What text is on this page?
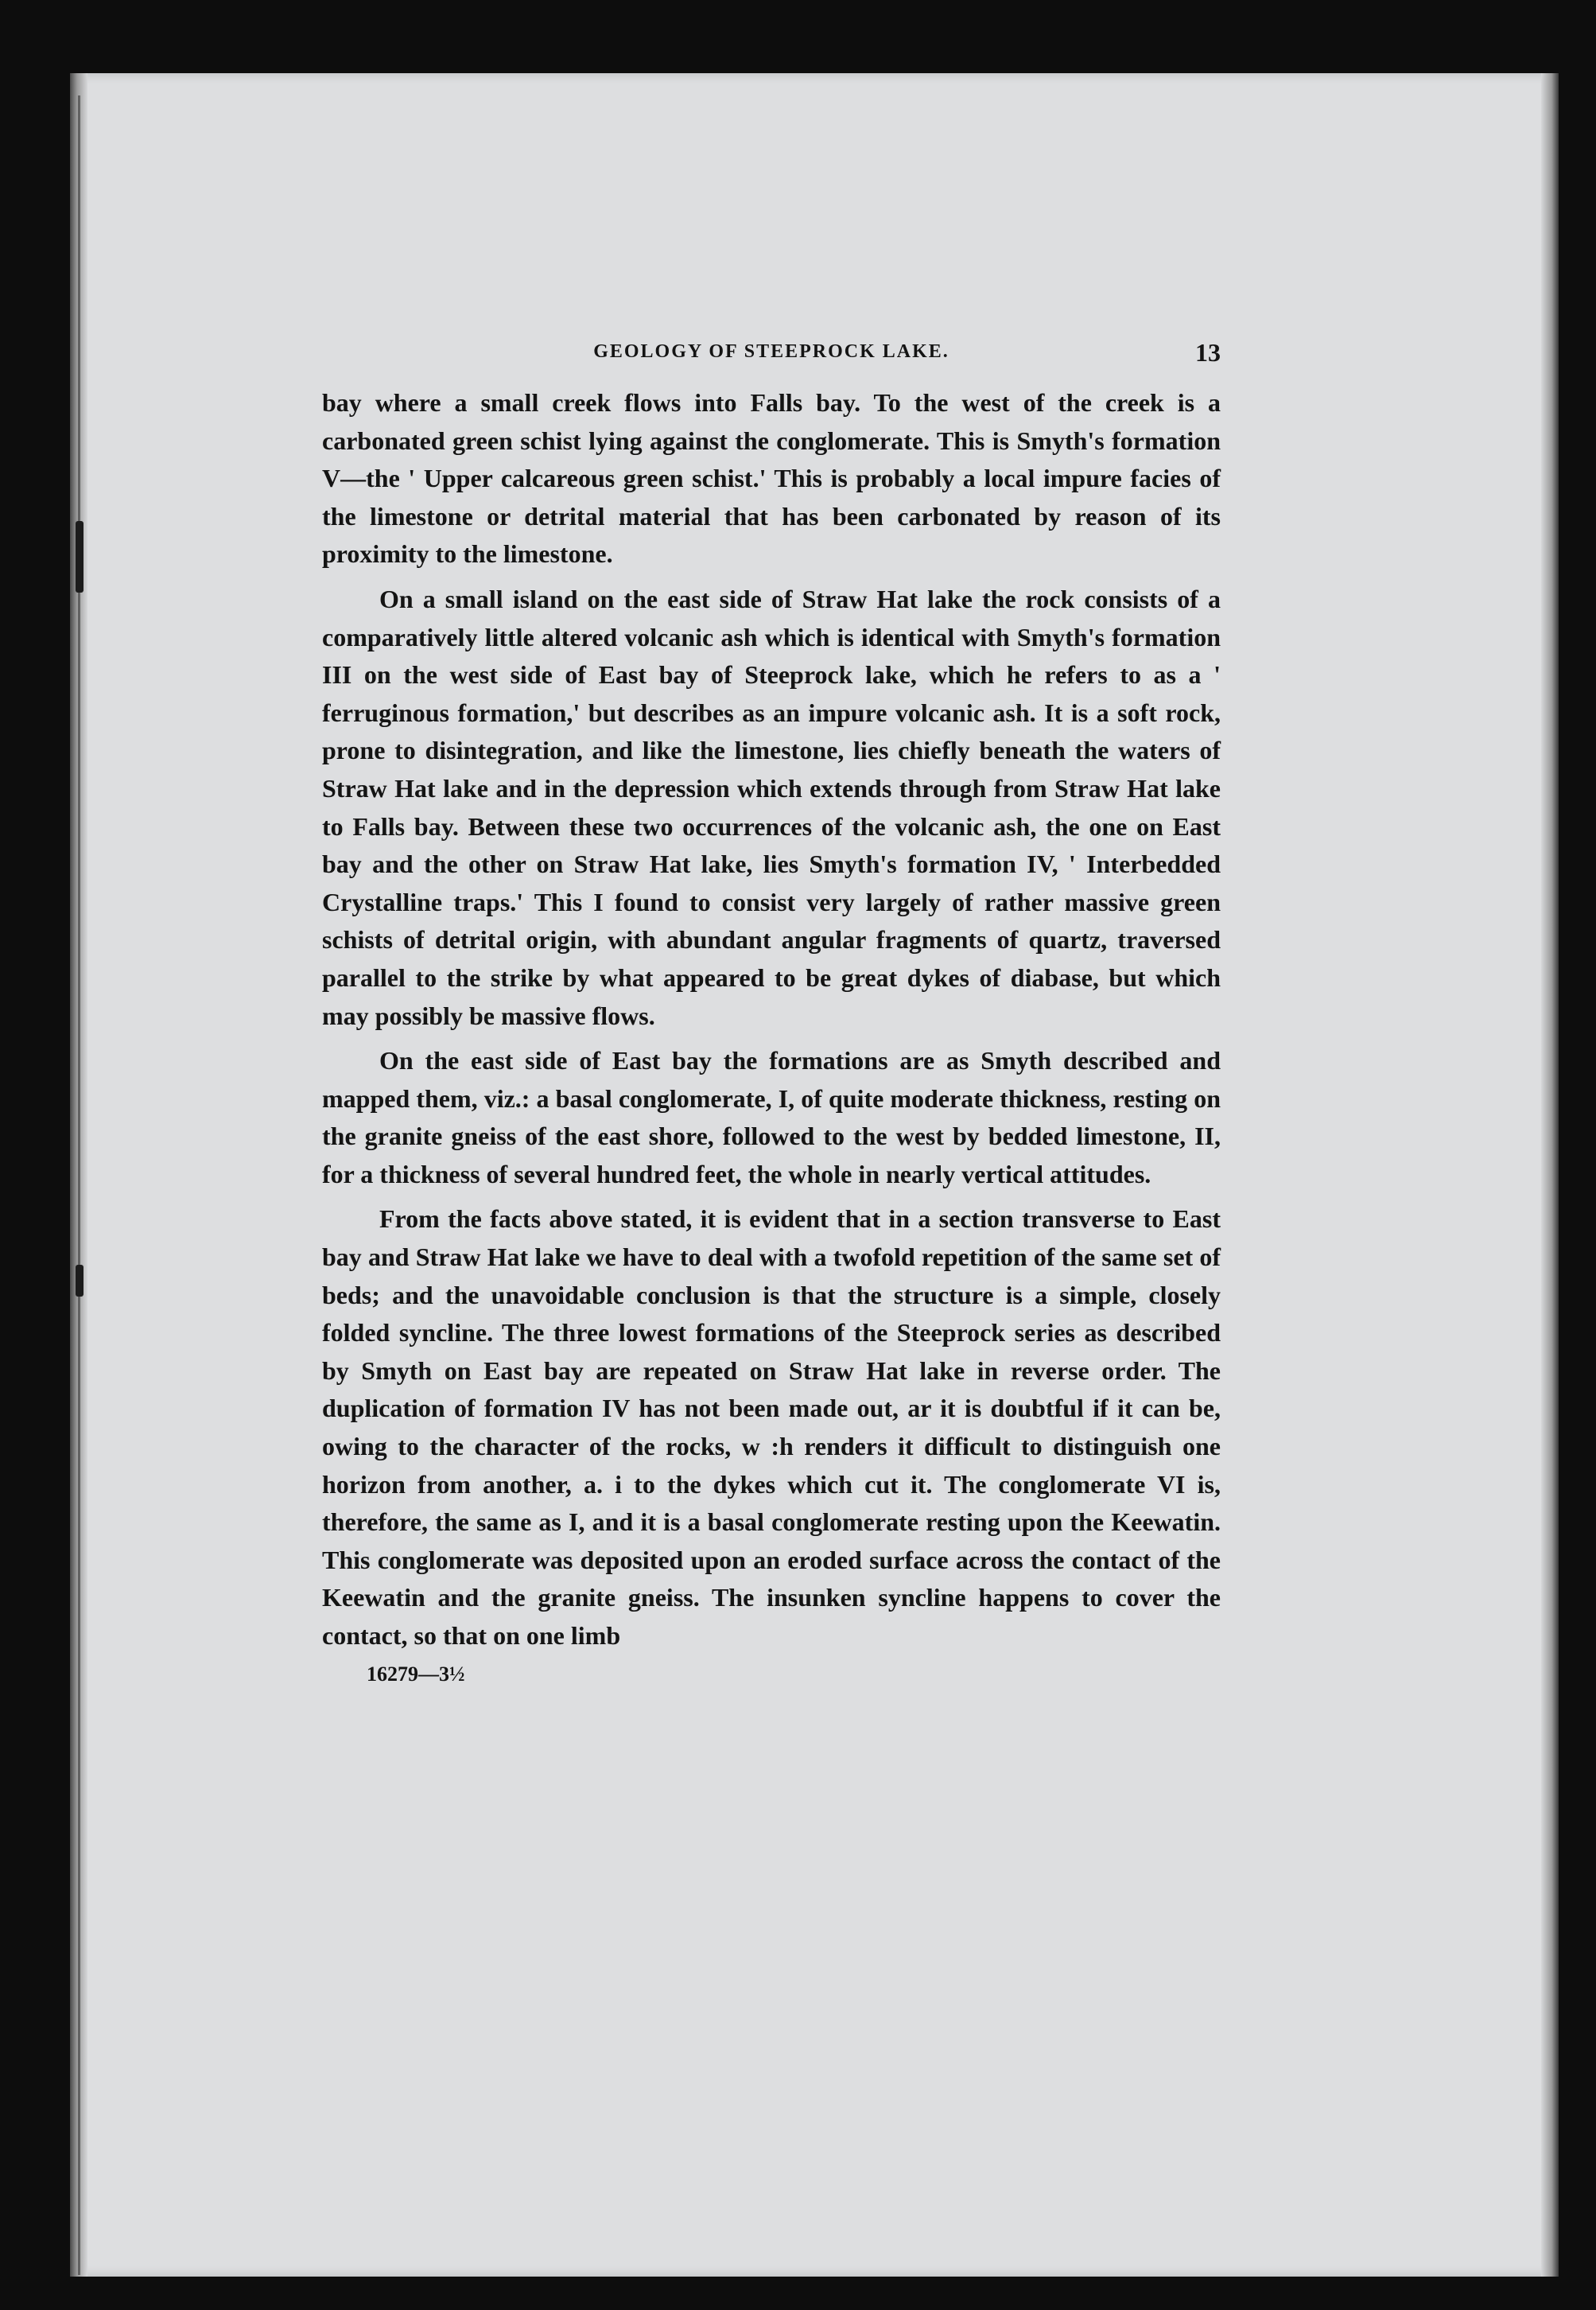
GEOLOGY OF STEEPROCK LAKE.	13

bay where a small creek flows into Falls bay. To the west of the creek is a carbonated green schist lying against the conglomerate. This is Smyth's formation V—the ' Upper calcareous green schist.' This is probably a local impure facies of the limestone or detrital material that has been carbonated by reason of its proximity to the limestone.

On a small island on the east side of Straw Hat lake the rock consists of a comparatively little altered volcanic ash which is identical with Smyth's formation III on the west side of East bay of Steeprock lake, which he refers to as a ' ferruginous formation,' but describes as an impure volcanic ash. It is a soft rock, prone to disintegration, and like the limestone, lies chiefly beneath the waters of Straw Hat lake and in the depression which extends through from Straw Hat lake to Falls bay. Between these two occurrences of the volcanic ash, the one on East bay and the other on Straw Hat lake, lies Smyth's formation IV, ' Interbedded Crystalline traps.' This I found to consist very largely of rather massive green schists of detrital origin, with abundant angular fragments of quartz, traversed parallel to the strike by what appeared to be great dykes of diabase, but which may possibly be massive flows.

On the east side of East bay the formations are as Smyth described and mapped them, viz.: a basal conglomerate, I, of quite moderate thickness, resting on the granite gneiss of the east shore, followed to the west by bedded limestone, II, for a thickness of several hundred feet, the whole in nearly vertical attitudes.

From the facts above stated, it is evident that in a section transverse to East bay and Straw Hat lake we have to deal with a twofold repetition of the same set of beds; and the unavoidable conclusion is that the structure is a simple, closely folded syncline. The three lowest formations of the Steeprock series as described by Smyth on East bay are repeated on Straw Hat lake in reverse order. The duplication of formation IV has not been made out, ar it is doubtful if it can be, owing to the character of the rocks, w :h renders it difficult to distinguish one horizon from another, a. i to the dykes which cut it. The conglomerate VI is, therefore, the same as I, and it is a basal conglomerate resting upon the Keewatin. This conglomerate was deposited upon an eroded surface across the contact of the Keewatin and the granite gneiss. The insunken syncline happens to cover the contact, so that on one limb

16279—3½
